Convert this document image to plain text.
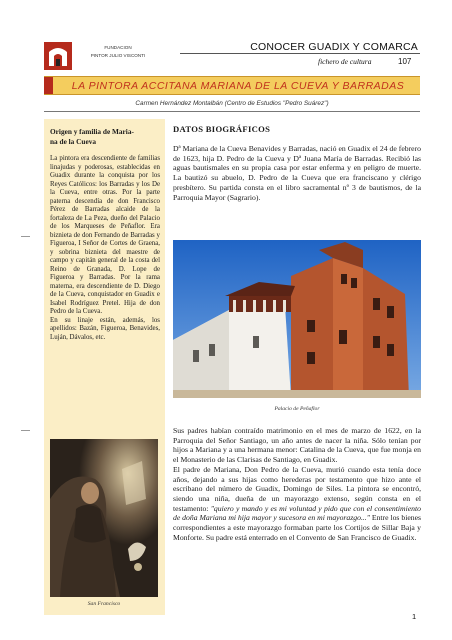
FUNDACION
PINTOR JULIO VISCONTI
CONOCER GUADIX Y COMARCA
fichero de cultura	107
LA PINTORA ACCITANA MARIANA DE LA CUEVA Y BARRADAS
Carmen Hernández Montalbán (Centro de Estudios "Pedro Suárez")
Origen y familia de Maria-
na de la Cueva

La pintora era descendiente de familias linajudas y poderosas, establecidas en Guadix durante la conquista por los Reyes Católicos: los Barradas y los De la Cueva, entre otras. Por la parte paterna descendía de don Francisco Pérez de Barradas alcaide de la fortaleza de La Peza, dueño del Palacio de los Marqueses de Peñaflor. Era biznieta de don Fernando de Barradas y Figueroa, I Señor de Cortes de Graena, y sobrina biznieta del maestre de campo y capitán general de la costa del Reino de Granada, D. Lope de Figueroa y Barradas. Por la rama materna, era descendiente de D. Diego de la Cueva, conquistador en Guadix e Isabel Rodríguez Pretel. Hija de don Pedro de la Cueva.

En su linaje están, además, los apellidos: Bazán, Figueroa, Benavides, Luján, Dávalos, etc.

San Francisco
DATOS BIOGRÁFICOS

Dª Mariana de la Cueva Benavides y Barradas, nació en Guadix el 24 de febrero de 1623, hija D. Pedro de la Cueva y Dª Juana María de Barradas. Recibió las aguas bautismales en su propia casa por estar enferma y en peligro de muerte. La bautizó su abuelo, D. Pedro de la Cueva que era franciscano y clérigo presbítero. Su partida consta en el libro sacramental nº 3 de bautismos, de la Parroquia Mayor (Sagrario).

Palacio de Peñaflor

Sus padres habían contraído matrimonio en el mes de marzo de 1622, en la Parroquia del Señor Santiago, un año antes de nacer la niña. Sólo tenían por hijos a Mariana y a una hermana menor: Catalina de la Cueva, que fue monja en el Monasterio de las Clarisas de Santiago, en Guadix.

El padre de Mariana, Don Pedro de la Cueva, murió cuando esta tenía doce años, dejando a sus hijas como herederas por testamento que hizo ante el escribano del número de Guadix, Domingo de Siles. La pintora se encontró, siendo una niña, dueña de un mayorazgo extenso, según consta en el testamento: "quiero y mando y es mi voluntad y pido que con el consentimiento de doña Mariana mi hija mayor y sucesora en mi mayorazgo..." Entre los bienes correspondientes a este mayorazgo formaban parte los Cortijos de Sillar Baja y Monforte. Su padre está enterrado en el Convento de San Francisco de Guadix.

1
